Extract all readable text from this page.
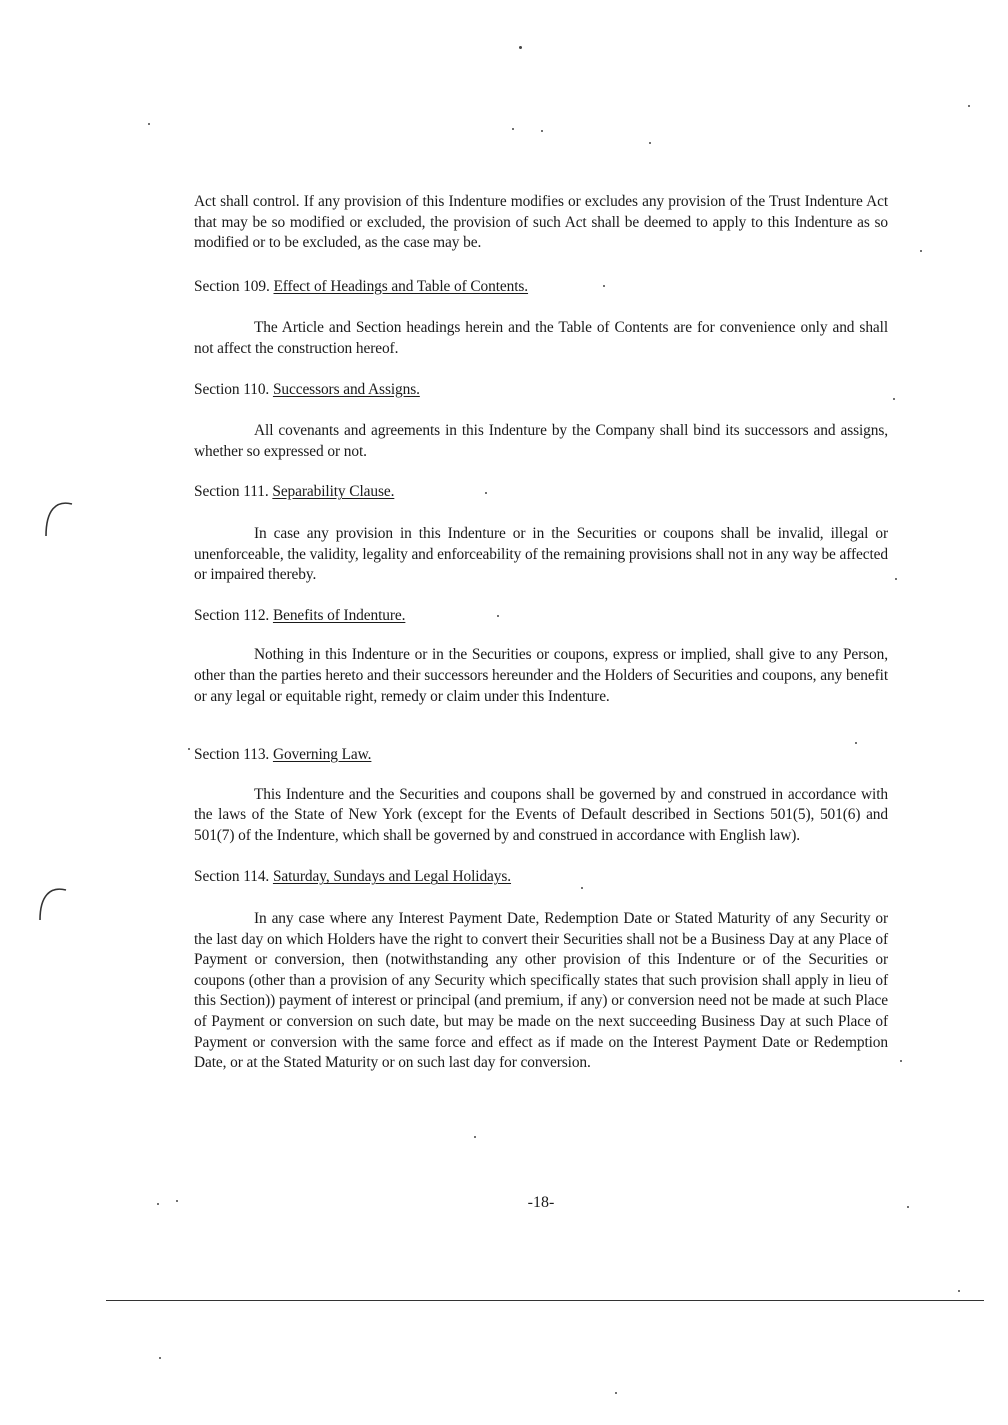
Act shall control. If any provision of this Indenture modifies or excludes any provision of the Trust Indenture Act that may be so modified or excluded, the provision of such Act shall be deemed to apply to this Indenture as so modified or to be excluded, as the case may be.

Section 109. Effect of Headings and Table of Contents.

The Article and Section headings herein and the Table of Contents are for convenience only and shall not affect the construction hereof.

Section 110. Successors and Assigns.

All covenants and agreements in this Indenture by the Company shall bind its successors and assigns, whether so expressed or not.

Section 111. Separability Clause.

In case any provision in this Indenture or in the Securities or coupons shall be invalid, illegal or unenforceable, the validity, legality and enforceability of the remaining provisions shall not in any way be affected or impaired thereby.

Section 112. Benefits of Indenture.

Nothing in this Indenture or in the Securities or coupons, express or implied, shall give to any Person, other than the parties hereto and their successors hereunder and the Holders of Securities and coupons, any benefit or any legal or equitable right, remedy or claim under this Indenture.

Section 113. Governing Law.

This Indenture and the Securities and coupons shall be governed by and construed in accordance with the laws of the State of New York (except for the Events of Default described in Sections 501(5), 501(6) and 501(7) of the Indenture, which shall be governed by and construed in accordance with English law).

Section 114. Saturday, Sundays and Legal Holidays.

In any case where any Interest Payment Date, Redemption Date or Stated Maturity of any Security or the last day on which Holders have the right to convert their Securities shall not be a Business Day at any Place of Payment or conversion, then (notwithstanding any other provision of this Indenture or of the Securities or coupons (other than a provision of any Security which specifically states that such provision shall apply in lieu of this Section)) payment of interest or principal (and premium, if any) or conversion need not be made at such Place of Payment or conversion on such date, but may be made on the next succeeding Business Day at such Place of Payment or conversion with the same force and effect as if made on the Interest Payment Date or Redemption Date, or at the Stated Maturity or on such last day for conversion.

-18-
